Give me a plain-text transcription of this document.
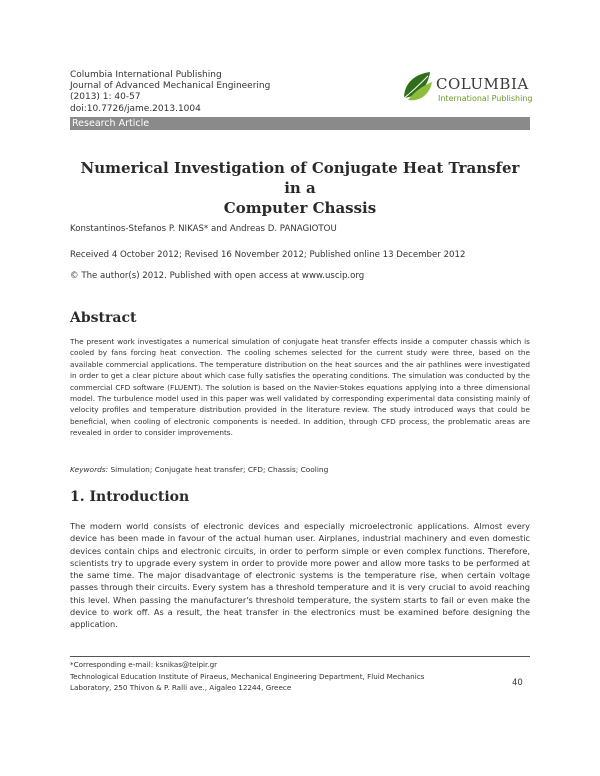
Columbia International Publishing
Journal of Advanced Mechanical Engineering
(2013) 1: 40-57
doi:10.7726/jame.2013.1004
COLUMBIA
International Publishing
Research Article
Numerical Investigation of Conjugate Heat Transfer in a
Computer Chassis
Konstantinos-Stefanos P. NIKAS* and Andreas D. PANAGIOTOU
Received 4 October 2012; Revised 16 November 2012; Published online 13 December 2012
© The author(s) 2012. Published with open access at www.uscip.org
Abstract
The present work investigates a numerical simulation of conjugate heat transfer effects inside a computer chassis which is cooled by fans forcing heat convection. The cooling schemes selected for the current study were three, based on the available commercial applications. The temperature distribution on the heat sources and the air pathlines were investigated in order to get a clear picture about which case fully satisfies the operating conditions. The simulation was conducted by the commercial CFD software (FLUENT). The solution is based on the Navier-Stokes equations applying into a three dimensional model. The turbulence model used in this paper was well validated by corresponding experimental data consisting mainly of velocity profiles and temperature distribution provided in the literature review. The study introduced ways that could be beneficial, when cooling of electronic components is needed. In addition, through CFD process, the problematic areas are revealed in order to consider improvements.
Keywords: Simulation; Conjugate heat transfer; CFD; Chassis; Cooling
1. Introduction
The modern world consists of electronic devices and especially microelectronic applications. Almost every device has been made in favour of the actual human user. Airplanes, industrial machinery and even domestic devices contain chips and electronic circuits, in order to perform simple or even complex functions. Therefore, scientists try to upgrade every system in order to provide more power and allow more tasks to be performed at the same time. The major disadvantage of electronic systems is the temperature rise, when certain voltage passes through their circuits. Every system has a threshold temperature and it is very crucial to avoid reaching this level. When passing the manufacturer's threshold temperature, the system starts to fail or even make the device to work off. As a result, the heat transfer in the electronics must be examined before designing the application.
*Corresponding e-mail: ksnikas@teipir.gr
Technological Education Institute of Piraeus, Mechanical Engineering Department, Fluid Mechanics
Laboratory, 250 Thivon & P. Ralli ave., Aigaleo 12244, Greece	40
